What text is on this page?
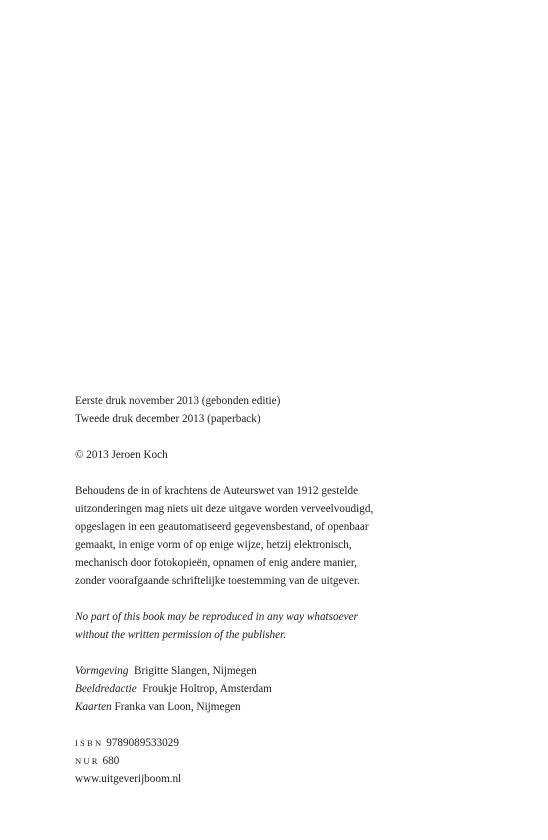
Eerste druk november 2013 (gebonden editie)
Tweede druk december 2013 (paperback)
© 2013 Jeroen Koch
Behoudens de in of krachtens de Auteurswet van 1912 gestelde
uitzonderingen mag niets uit deze uitgave worden verveelvoudigd,
opgeslagen in een geautomatiseerd gegevensbestand, of openbaar
gemaakt, in enige vorm of op enige wijze, hetzij elektronisch,
mechanisch door fotokopieën, opnamen of enig andere manier,
zonder voorafgaande schriftelijke toestemming van de uitgever.
No part of this book may be reproduced in any way whatsoever
without the written permission of the publisher.
Vormgeving Brigitte Slangen, Nijmegen
Beeldredactie Froukje Holtrop, Amsterdam
Kaarten Franka van Loon, Nijmegen
ISBN 9789089533029
NUR 680
www.uitgeverijboom.nl
